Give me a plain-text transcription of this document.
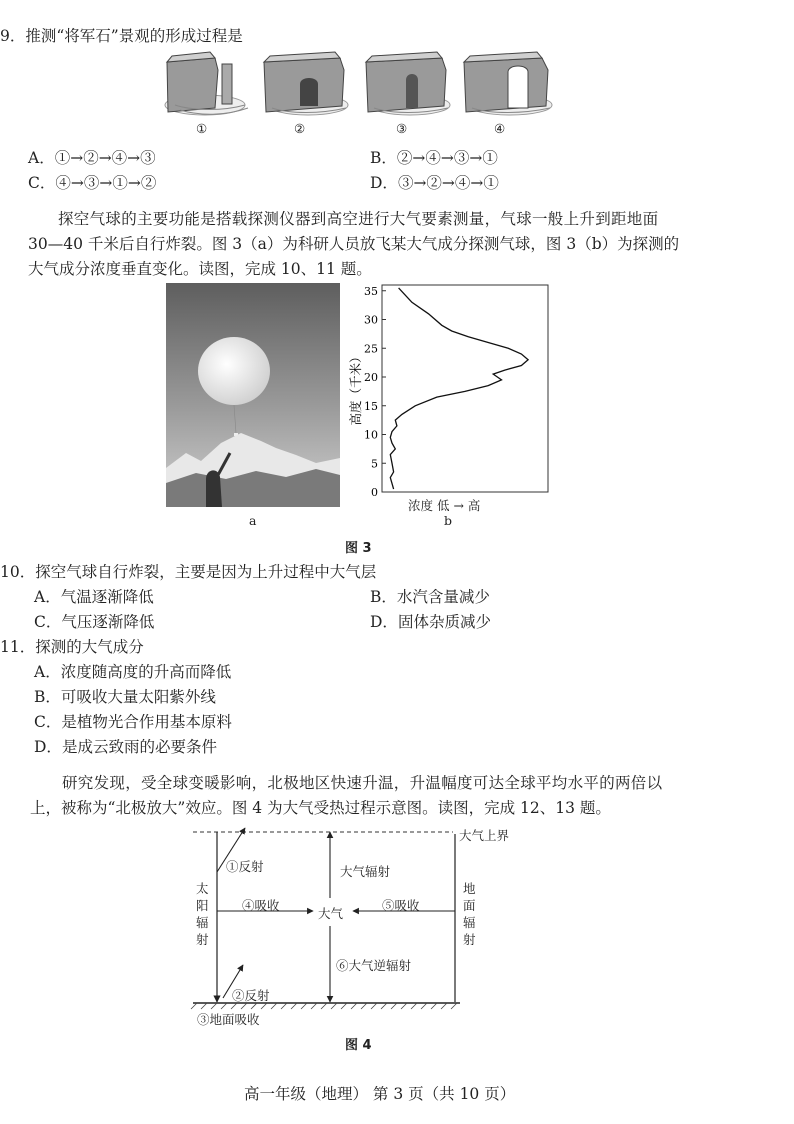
9．推测“将军石”景观的形成过程是
①	②	③	④
A．①→②→④→③	B．②→④→③→①
C．④→③→①→②	D．③→②→④→①
探空气球的主要功能是搭载探测仪器到高空进行大气要素测量，气球一般上升到距地面
30—40 千米后自行炸裂。图 3（a）为科研人员放飞某大气成分探测气球，图 3（b）为探测的
大气成分浓度垂直变化。读图，完成 10、11 题。
0
5
10
15
20
25
30
35
高度（千米）
浓度 低 → 高
a	b
图 3
10．探空气球自行炸裂，主要是因为上升过程中大气层
A．气温逐渐降低	B．水汽含量减少
C．气压逐渐降低	D．固体杂质减少
11．探测的大气成分
A．浓度随高度的升高而降低
B．可吸收大量太阳紫外线
C．是植物光合作用基本原料
D．是成云致雨的必要条件
研究发现，受全球变暖影响，北极地区快速升温，升温幅度可达全球平均水平的两倍以
上，被称为“北极放大”效应。图 4 为大气受热过程示意图。读图，完成 12、13 题。
大气上界
①反射	大气辐射
太阳辐射
地面辐射
④吸收
大气
⑤吸收
⑥大气逆辐射
②反射
③地面吸收
图 4
高一年级（地理） 第 3 页（共 10 页）
